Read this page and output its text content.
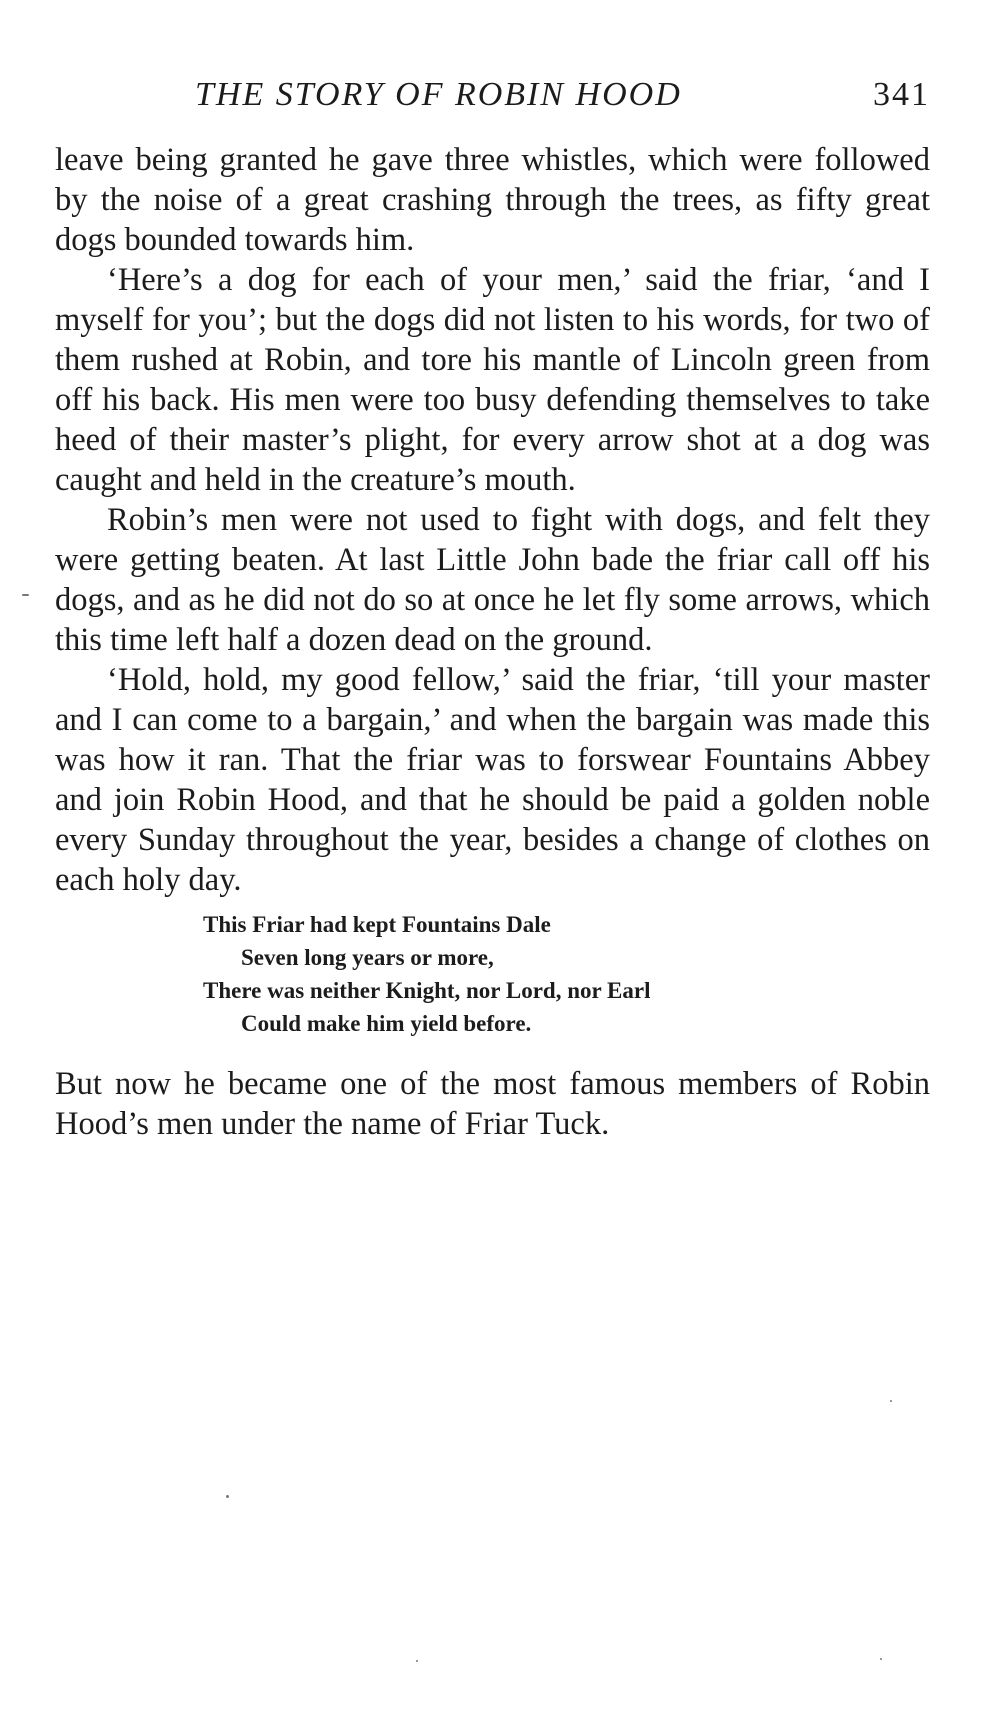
THE STORY OF ROBIN HOOD	341

leave being granted he gave three whistles, which were followed by the noise of a great crashing through the trees, as fifty great dogs bounded towards him.

‘Here’s a dog for each of your men,’ said the friar, ‘and I myself for you’; but the dogs did not listen to his words, for two of them rushed at Robin, and tore his mantle of Lincoln green from off his back. His men were too busy defending themselves to take heed of their master’s plight, for every arrow shot at a dog was caught and held in the creature’s mouth.

Robin’s men were not used to fight with dogs, and felt they were getting beaten. At last Little John bade the friar call off his dogs, and as he did not do so at once he let fly some arrows, which this time left half a dozen dead on the ground.

‘Hold, hold, my good fellow,’ said the friar, ‘till your master and I can come to a bargain,’ and when the bargain was made this was how it ran. That the friar was to forswear Fountains Abbey and join Robin Hood, and that he should be paid a golden noble every Sunday throughout the year, besides a change of clothes on each holy day.

This Friar had kept Fountains Dale
Seven long years or more,
There was neither Knight, nor Lord, nor Earl
Could make him yield before.

But now he became one of the most famous members of Robin Hood’s men under the name of Friar Tuck.
